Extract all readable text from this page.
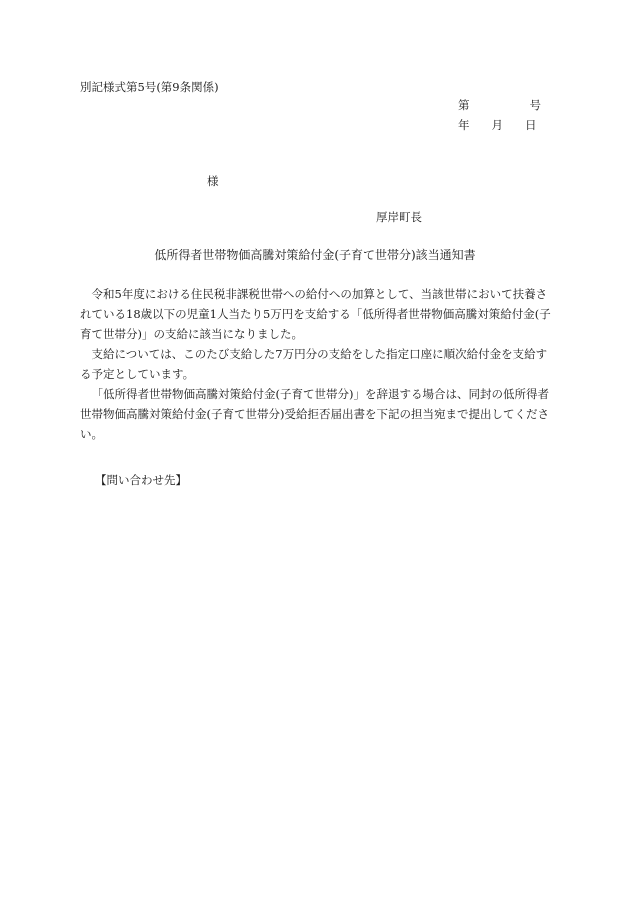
別記様式第5号(第9条関係)
第	号
年 月 日
様
厚岸町長
低所得者世帯物価高騰対策給付金(子育て世帯分)該当通知書

令和5年度における住民税非課税世帯への給付への加算として、当該世帯において扶養されている18歳以下の児童1人当たり5万円を支給する「低所得者世帯物価高騰対策給付金(子育て世帯分)」の支給に該当になりました。

支給については、このたび支給した7万円分の支給をした指定口座に順次給付金を支給する予定としています。

「低所得者世帯物価高騰対策給付金(子育て世帯分)」を辞退する場合は、同封の低所得者世帯物価高騰対策給付金(子育て世帯分)受給拒否届出書を下記の担当宛まで提出してください。

【問い合わせ先】
